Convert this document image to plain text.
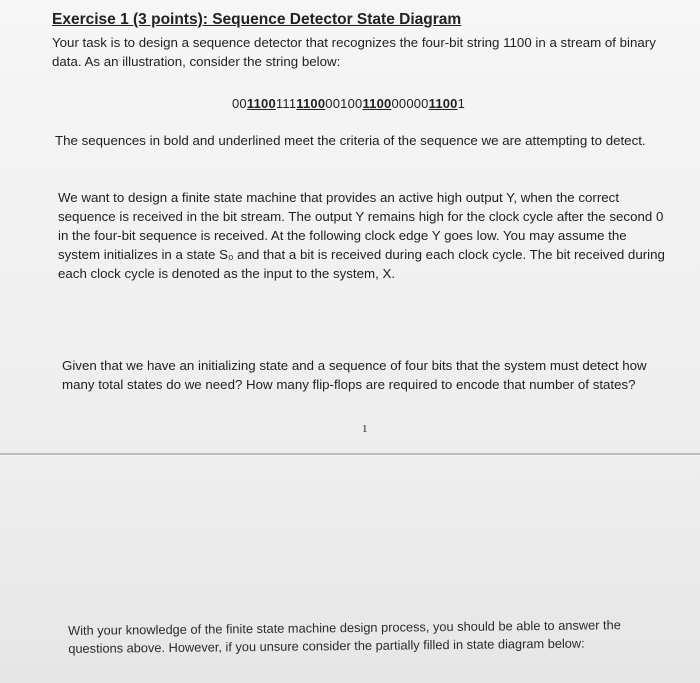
Exercise 1 (3 points): Sequence Detector State Diagram

Your task is to design a sequence detector that recognizes the four-bit string 1100 in a stream of binary data. As an illustration, consider the string below:

00110011111000010011000000011001

The sequences in bold and underlined meet the criteria of the sequence we are attempting to detect.

We want to design a finite state machine that provides an active high output Y, when the correct sequence is received in the bit stream. The output Y remains high for the clock cycle after the second 0 in the four-bit sequence is received. At the following clock edge Y goes low. You may assume the system initializes in a state S₀ and that a bit is received during each clock cycle. The bit received during each clock cycle is denoted as the input to the system, X.

Given that we have an initializing state and a sequence of four bits that the system must detect how many total states do we need? How many flip-flops are required to encode that number of states?

1

With your knowledge of the finite state machine design process, you should be able to answer the questions above. However, if you unsure consider the partially filled in state diagram below:
